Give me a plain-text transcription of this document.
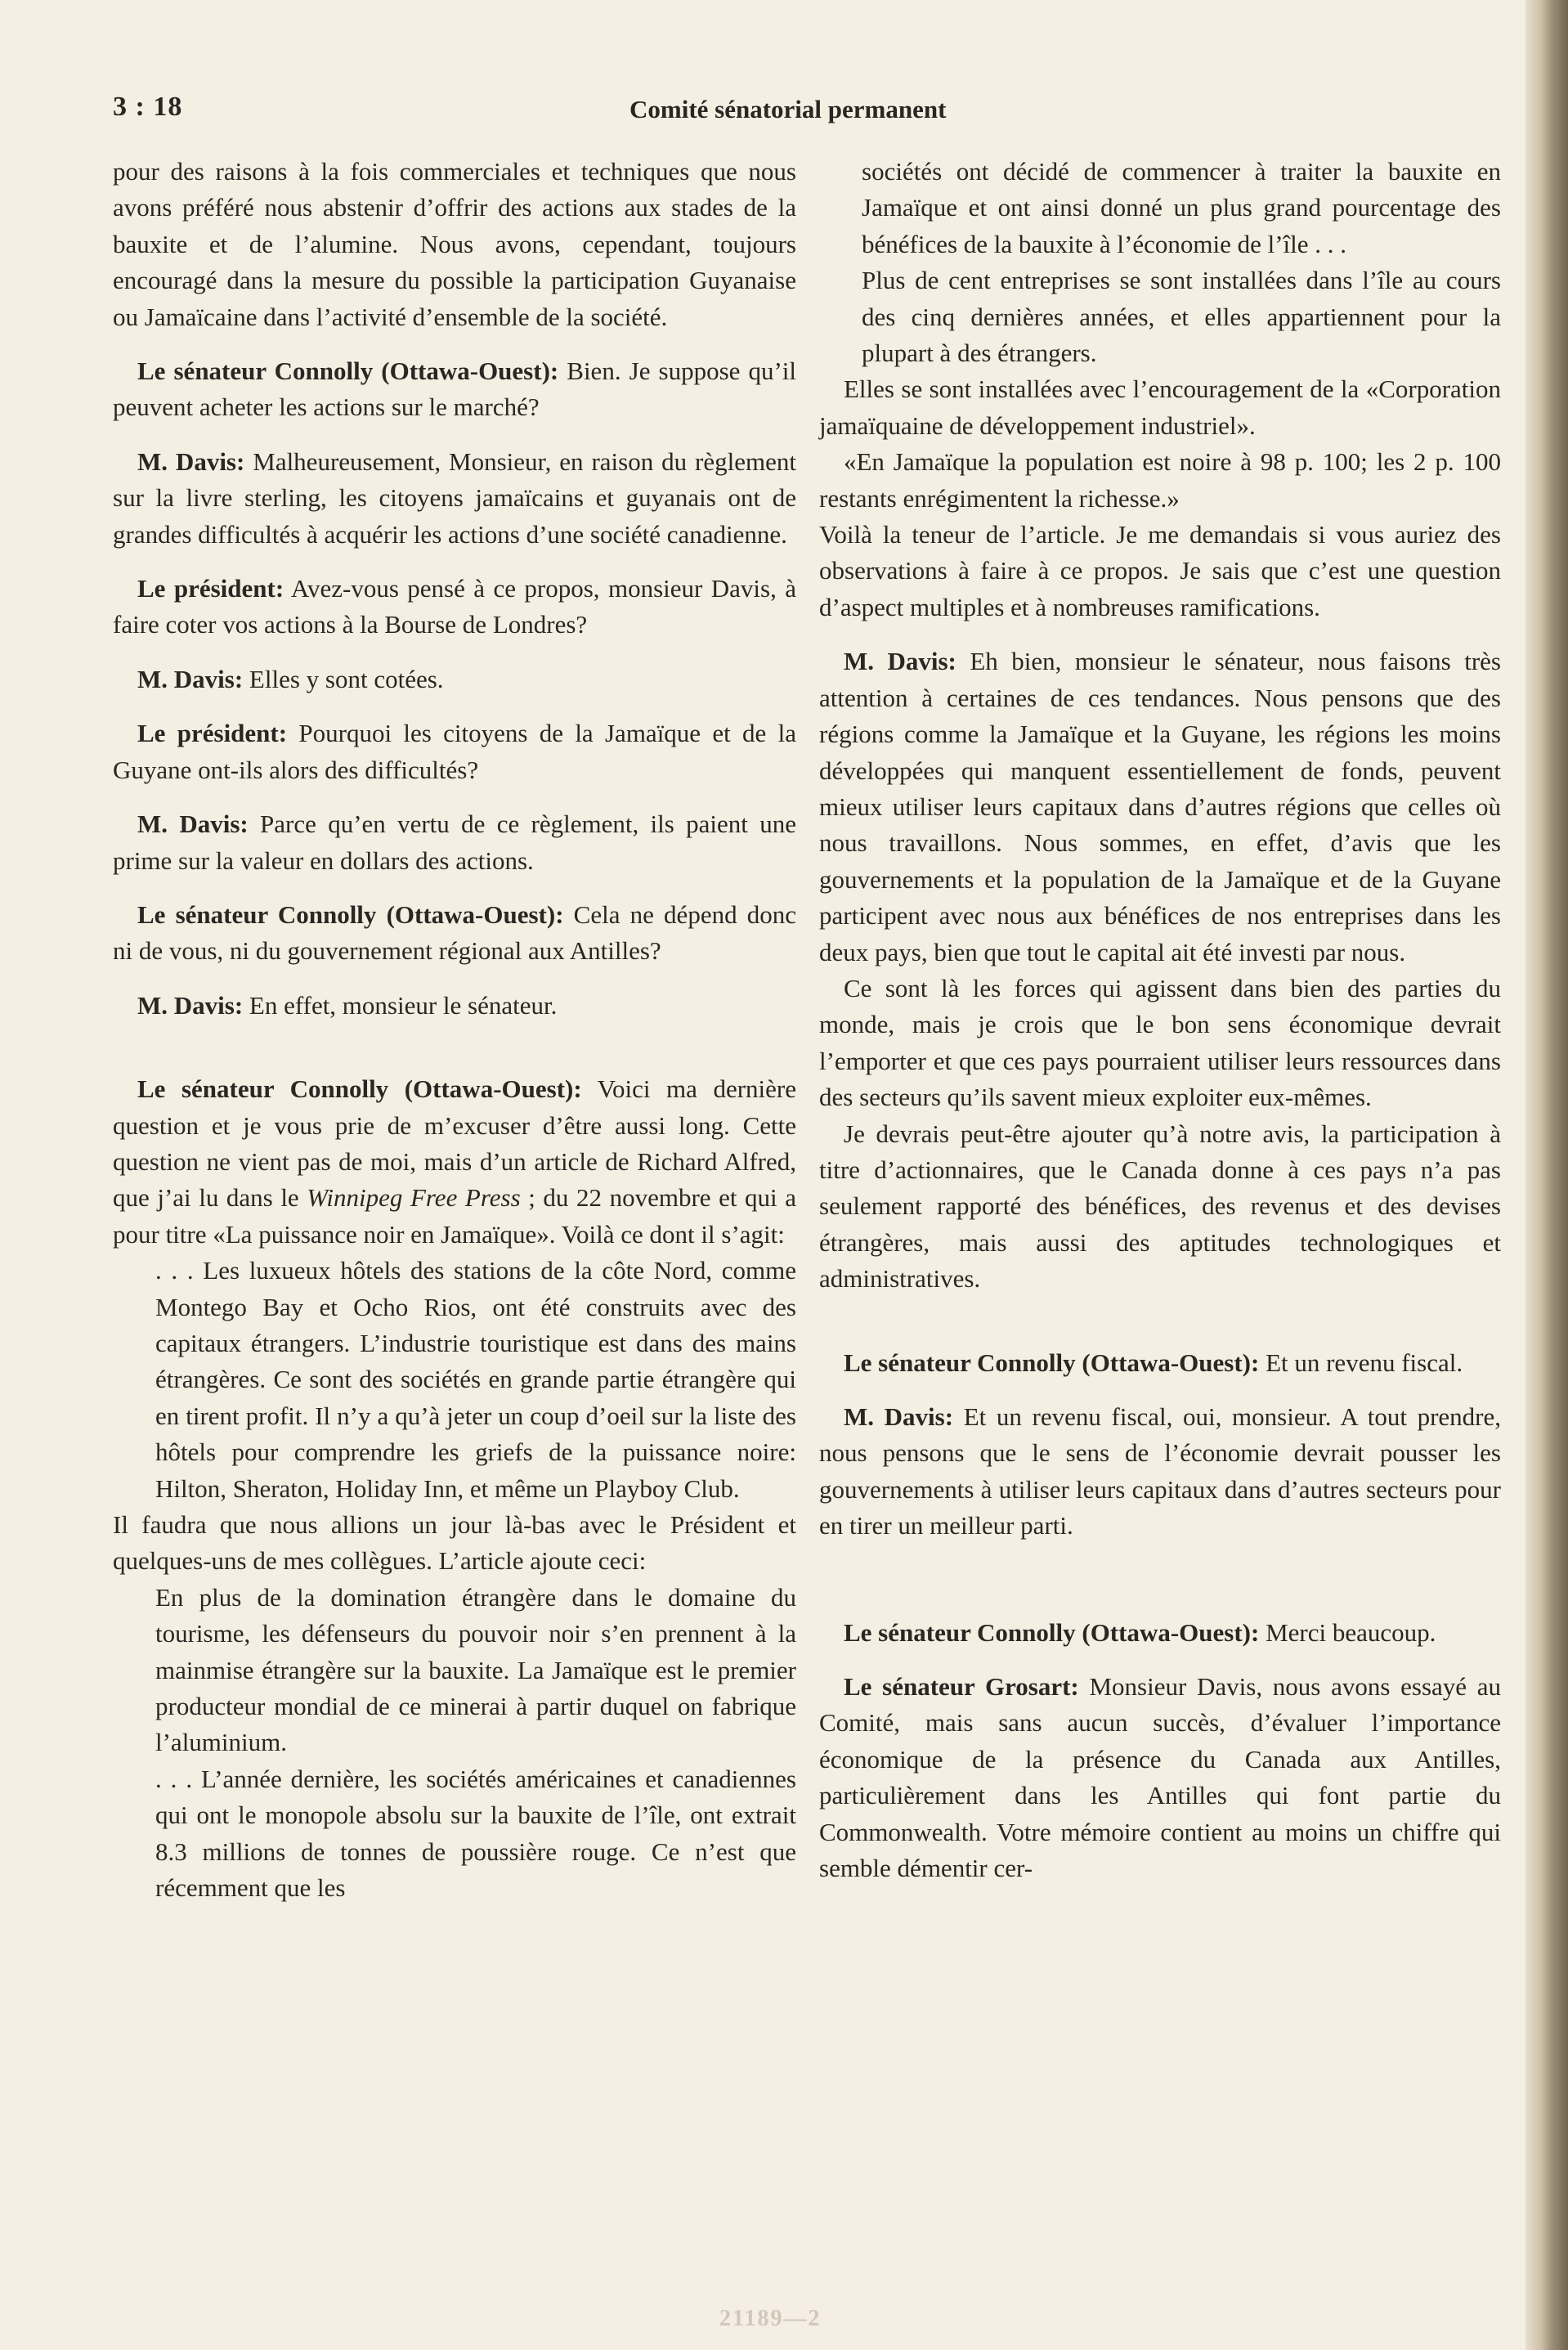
3 : 18	Comité sénatorial permanent

pour des raisons à la fois commerciales et techniques que nous avons préféré nous abstenir d’offrir des actions aux stades de la bauxite et de l’alumine. Nous avons, cependant, toujours encouragé dans la mesure du possible la participation Guyanaise ou Jamaïcaine dans l’activité d’ensemble de la société.

Le sénateur Connolly (Ottawa-Ouest): Bien. Je suppose qu’il peuvent acheter les actions sur le marché?

M. Davis: Malheureusement, Monsieur, en raison du règlement sur la livre sterling, les citoyens jamaïcains et guyanais ont de grandes difficultés à acquérir les actions d’une société canadienne.

Le président: Avez-vous pensé à ce propos, monsieur Davis, à faire coter vos actions à la Bourse de Londres?

M. Davis: Elles y sont cotées.

Le président: Pourquoi les citoyens de la Jamaïque et de la Guyane ont-ils alors des difficultés?

M. Davis: Parce qu’en vertu de ce règlement, ils paient une prime sur la valeur en dollars des actions.

Le sénateur Connolly (Ottawa-Ouest): Cela ne dépend donc ni de vous, ni du gouvernement régional aux Antilles?

M. Davis: En effet, monsieur le sénateur.

Le sénateur Connolly (Ottawa-Ouest): Voici ma dernière question et je vous prie de m’excuser d’être aussi long. Cette question ne vient pas de moi, mais d’un article de Richard Alfred, que j’ai lu dans le Winnipeg Free Press ; du 22 novembre et qui a pour titre «La puissance noir en Jamaïque». Voilà ce dont il s’agit:

. . . Les luxueux hôtels des stations de la côte Nord, comme Montego Bay et Ocho Rios, ont été construits avec des capitaux étrangers. L’industrie touristique est dans des mains étrangères. Ce sont des sociétés en grande partie étrangère qui en tirent profit. Il n’y a qu’à jeter un coup d’oeil sur la liste des hôtels pour comprendre les griefs de la puissance noire: Hilton, Sheraton, Holiday Inn, et même un Playboy Club.

Il faudra que nous allions un jour là-bas avec le Président et quelques-uns de mes collègues. L’article ajoute ceci:

En plus de la domination étrangère dans le domaine du tourisme, les défenseurs du pouvoir noir s’en prennent à la mainmise étrangère sur la bauxite. La Jamaïque est le premier producteur mondial de ce minerai à partir duquel on fabrique l’aluminium.

. . . L’année dernière, les sociétés américaines et canadiennes qui ont le monopole absolu sur la bauxite de l’île, ont extrait 8.3 millions de tonnes de poussière rouge. Ce n’est que récemment que les

sociétés ont décidé de commencer à traiter la bauxite en Jamaïque et ont ainsi donné un plus grand pourcentage des bénéfices de la bauxite à l’économie de l’île . . .

Plus de cent entreprises se sont installées dans l’île au cours des cinq dernières années, et elles appartiennent pour la plupart à des étrangers.

Elles se sont installées avec l’encouragement de la «Corporation jamaïquaine de développement industriel».

«En Jamaïque la population est noire à 98 p. 100; les 2 p. 100 restants enrégimentent la richesse.»

Voilà la teneur de l’article. Je me demandais si vous auriez des observations à faire à ce propos. Je sais que c’est une question d’aspect multiples et à nombreuses ramifications.

M. Davis: Eh bien, monsieur le sénateur, nous faisons très attention à certaines de ces tendances. Nous pensons que des régions comme la Jamaïque et la Guyane, les régions les moins développées qui manquent essentiellement de fonds, peuvent mieux utiliser leurs capitaux dans d’autres régions que celles où nous travaillons. Nous sommes, en effet, d’avis que les gouvernements et la population de la Jamaïque et de la Guyane participent avec nous aux bénéfices de nos entreprises dans les deux pays, bien que tout le capital ait été investi par nous.

Ce sont là les forces qui agissent dans bien des parties du monde, mais je crois que le bon sens économique devrait l’emporter et que ces pays pourraient utiliser leurs ressources dans des secteurs qu’ils savent mieux exploiter eux-mêmes.

Je devrais peut-être ajouter qu’à notre avis, la participation à titre d’actionnaires, que le Canada donne à ces pays n’a pas seulement rapporté des bénéfices, des revenus et des devises étrangères, mais aussi des aptitudes technologiques et administratives.

Le sénateur Connolly (Ottawa-Ouest): Et un revenu fiscal.

M. Davis: Et un revenu fiscal, oui, monsieur. A tout prendre, nous pensons que le sens de l’économie devrait pousser les gouvernements à utiliser leurs capitaux dans d’autres secteurs pour en tirer un meilleur parti.

Le sénateur Connolly (Ottawa-Ouest): Merci beaucoup.

Le sénateur Grosart: Monsieur Davis, nous avons essayé au Comité, mais sans aucun succès, d’évaluer l’importance économique de la présence du Canada aux Antilles, particulièrement dans les Antilles qui font partie du Commonwealth. Votre mémoire contient au moins un chiffre qui semble démentir cer-

21189—2
